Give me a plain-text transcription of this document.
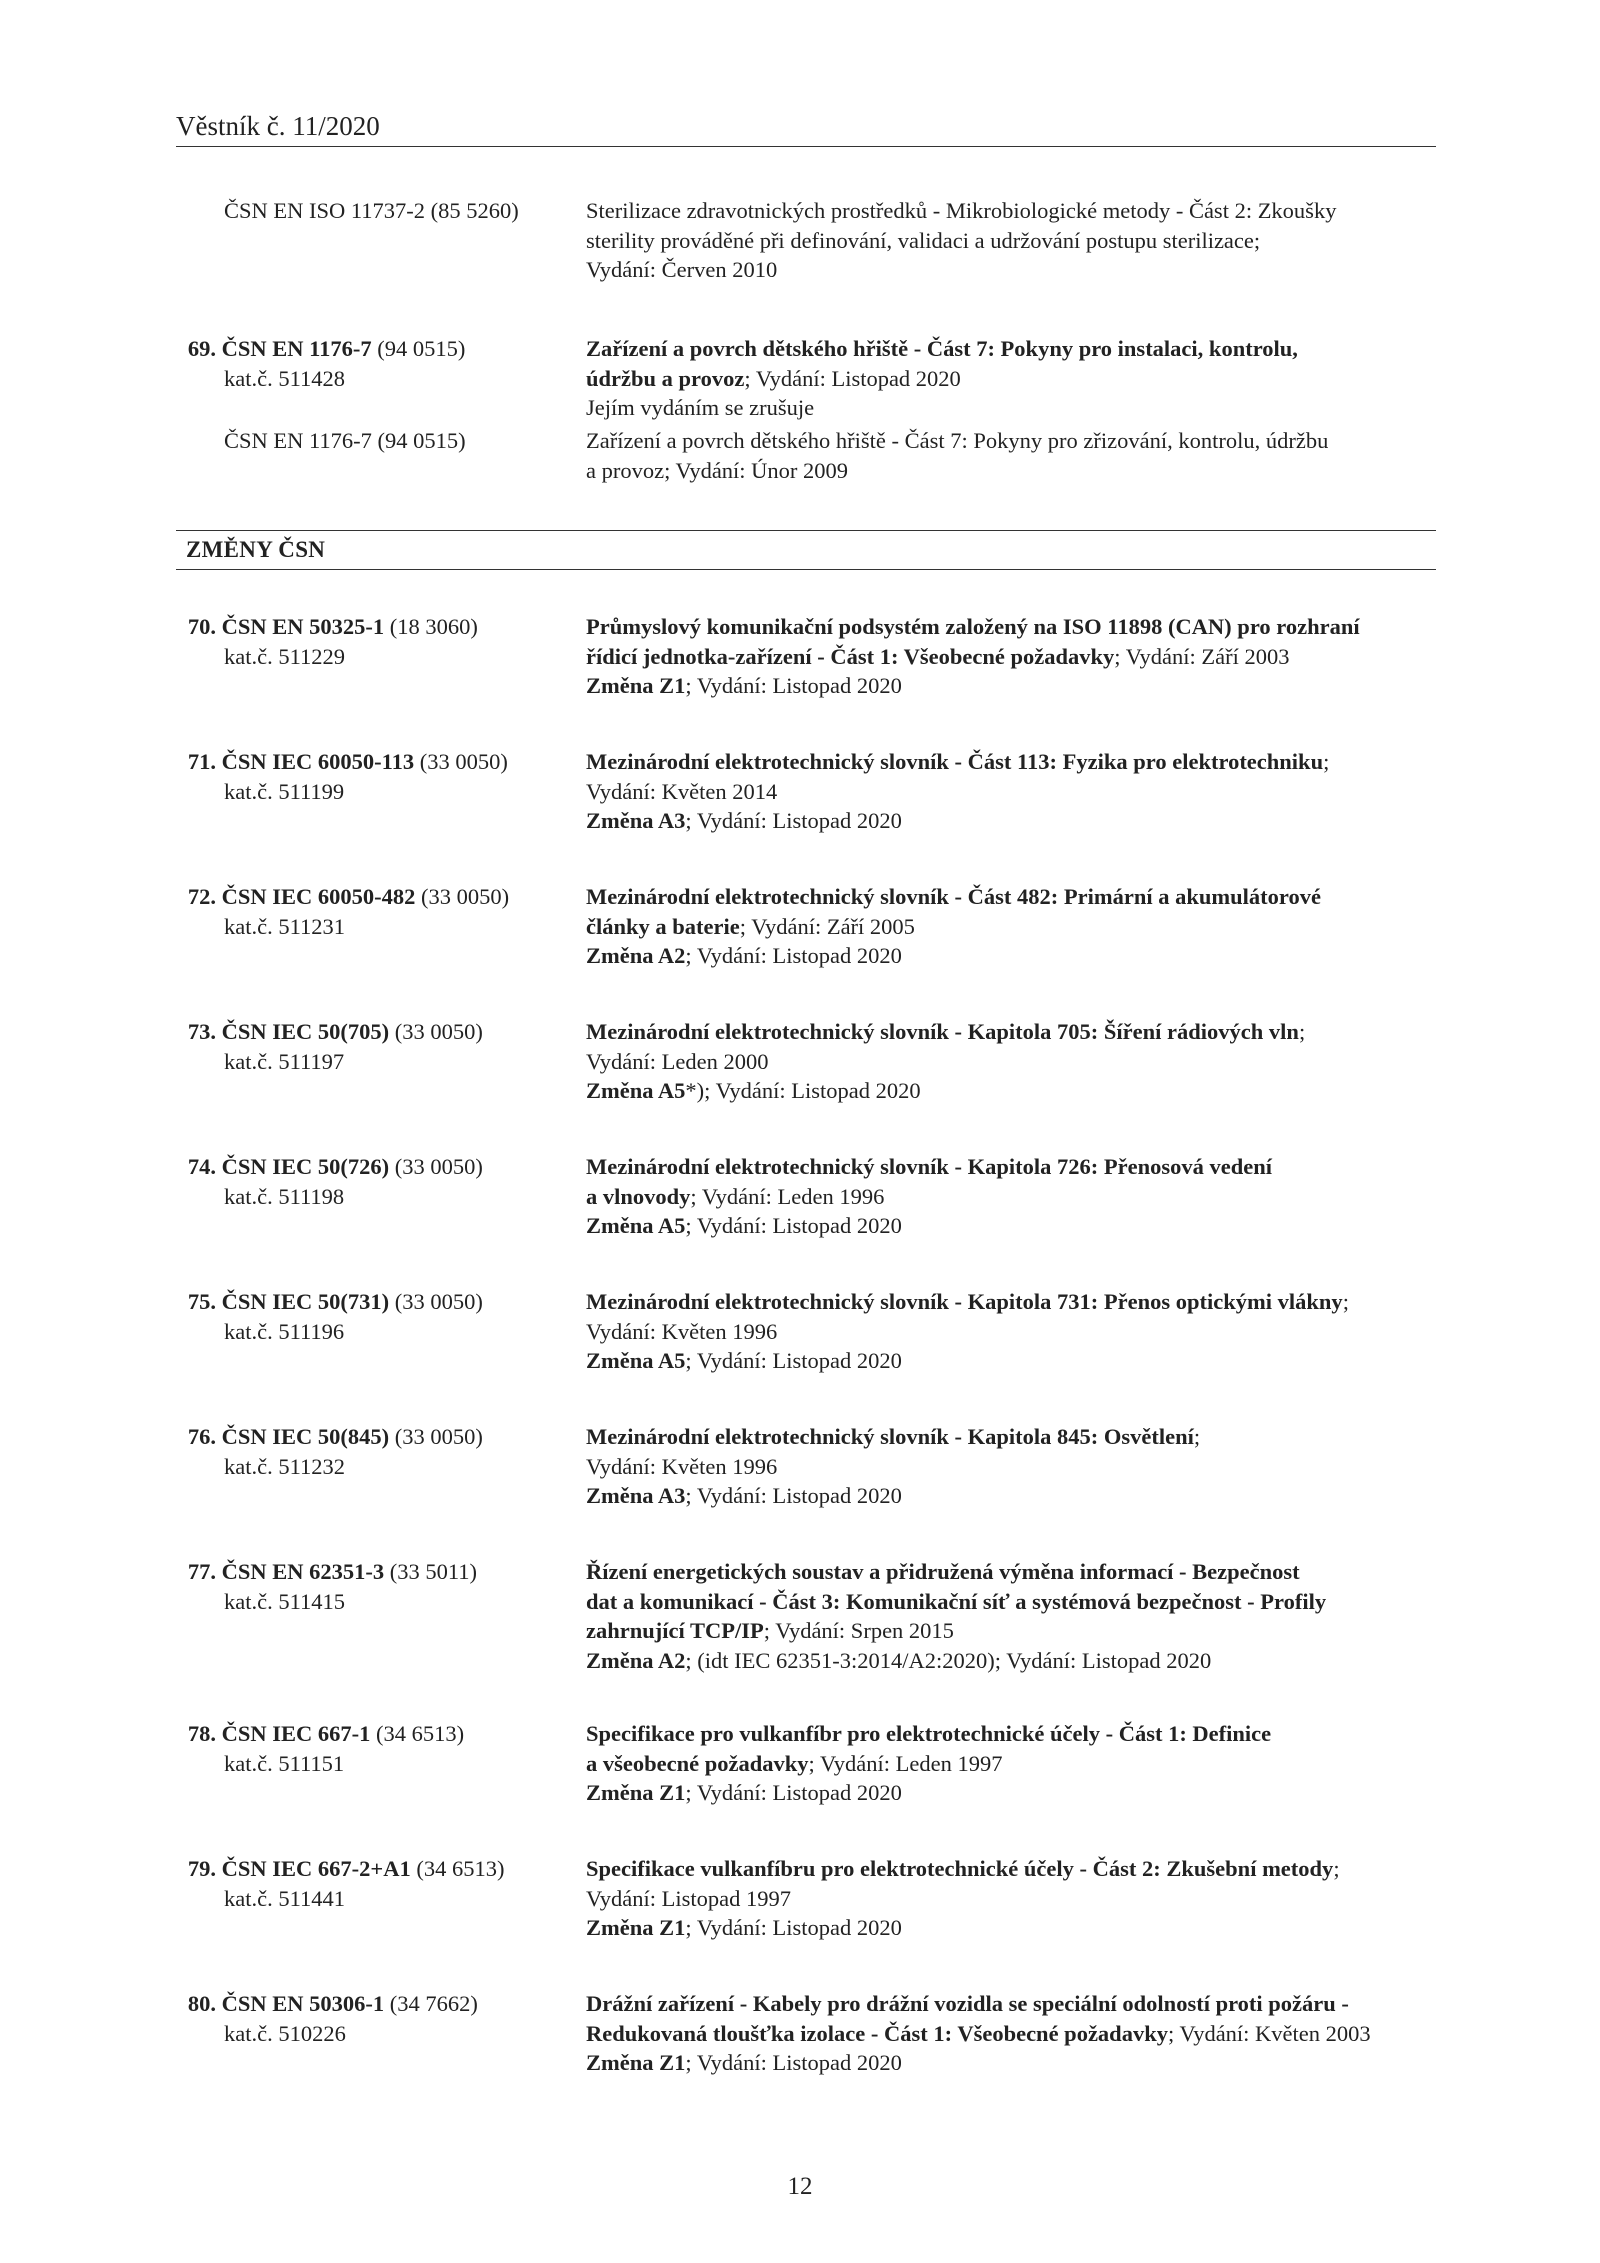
Věstník č. 11/2020
ČSN EN ISO 11737-2 (85 5260)	Sterilizace zdravotnických prostředků - Mikrobiologické metody - Část 2: Zkoušky
sterility prováděné při definování, validaci a udržování postupu sterilizace;
Vydání: Červen 2010
69. ČSN EN 1176-7 (94 0515)
kat.č. 511428
Zařízení a povrch dětského hřiště - Část 7: Pokyny pro instalaci, kontrolu,
údržbu a provoz; Vydání: Listopad 2020
Jejím vydáním se zrušuje
ČSN EN 1176-7 (94 0515)	Zařízení a povrch dětského hřiště - Část 7: Pokyny pro zřizování, kontrolu, údržbu
a provoz; Vydání: Únor 2009
ZMĚNY ČSN
70. ČSN EN 50325-1 (18 3060)
kat.č. 511229
Průmyslový komunikační podsystém založený na ISO 11898 (CAN) pro rozhraní
řídicí jednotka-zařízení - Část 1: Všeobecné požadavky; Vydání: Září 2003
Změna Z1; Vydání: Listopad 2020
71. ČSN IEC 60050-113 (33 0050)
kat.č. 511199
Mezinárodní elektrotechnický slovník - Část 113: Fyzika pro elektrotechniku;
Vydání: Květen 2014
Změna A3; Vydání: Listopad 2020
72. ČSN IEC 60050-482 (33 0050)
kat.č. 511231
Mezinárodní elektrotechnický slovník - Část 482: Primární a akumulátorové
články a baterie; Vydání: Září 2005
Změna A2; Vydání: Listopad 2020
73. ČSN IEC 50(705) (33 0050)
kat.č. 511197
Mezinárodní elektrotechnický slovník - Kapitola 705: Šíření rádiových vln;
Vydání: Leden 2000
Změna A5*); Vydání: Listopad 2020
74. ČSN IEC 50(726) (33 0050)
kat.č. 511198
Mezinárodní elektrotechnický slovník - Kapitola 726: Přenosová vedení
a vlnovody; Vydání: Leden 1996
Změna A5; Vydání: Listopad 2020
75. ČSN IEC 50(731) (33 0050)
kat.č. 511196
Mezinárodní elektrotechnický slovník - Kapitola 731: Přenos optickými vlákny;
Vydání: Květen 1996
Změna A5; Vydání: Listopad 2020
76. ČSN IEC 50(845) (33 0050)
kat.č. 511232
Mezinárodní elektrotechnický slovník - Kapitola 845: Osvětlení;
Vydání: Květen 1996
Změna A3; Vydání: Listopad 2020
77. ČSN EN 62351-3 (33 5011)
kat.č. 511415
Řízení energetických soustav a přidružená výměna informací - Bezpečnost
dat a komunikací - Část 3: Komunikační síť a systémová bezpečnost - Profily
zahrnující TCP/IP; Vydání: Srpen 2015
Změna A2; (idt IEC 62351-3:2014/A2:2020); Vydání: Listopad 2020
78. ČSN IEC 667-1 (34 6513)
kat.č. 511151
Specifikace pro vulkanfíbr pro elektrotechnické účely - Část 1: Definice
a všeobecné požadavky; Vydání: Leden 1997
Změna Z1; Vydání: Listopad 2020
79. ČSN IEC 667-2+A1 (34 6513)
kat.č. 511441
Specifikace vulkanfíbru pro elektrotechnické účely - Část 2: Zkušební metody;
Vydání: Listopad 1997
Změna Z1; Vydání: Listopad 2020
80. ČSN EN 50306-1 (34 7662)
kat.č. 510226
Drážní zařízení - Kabely pro drážní vozidla se speciální odolností proti požáru -
Redukovaná tloušťka izolace - Část 1: Všeobecné požadavky; Vydání: Květen 2003
Změna Z1; Vydání: Listopad 2020
12
